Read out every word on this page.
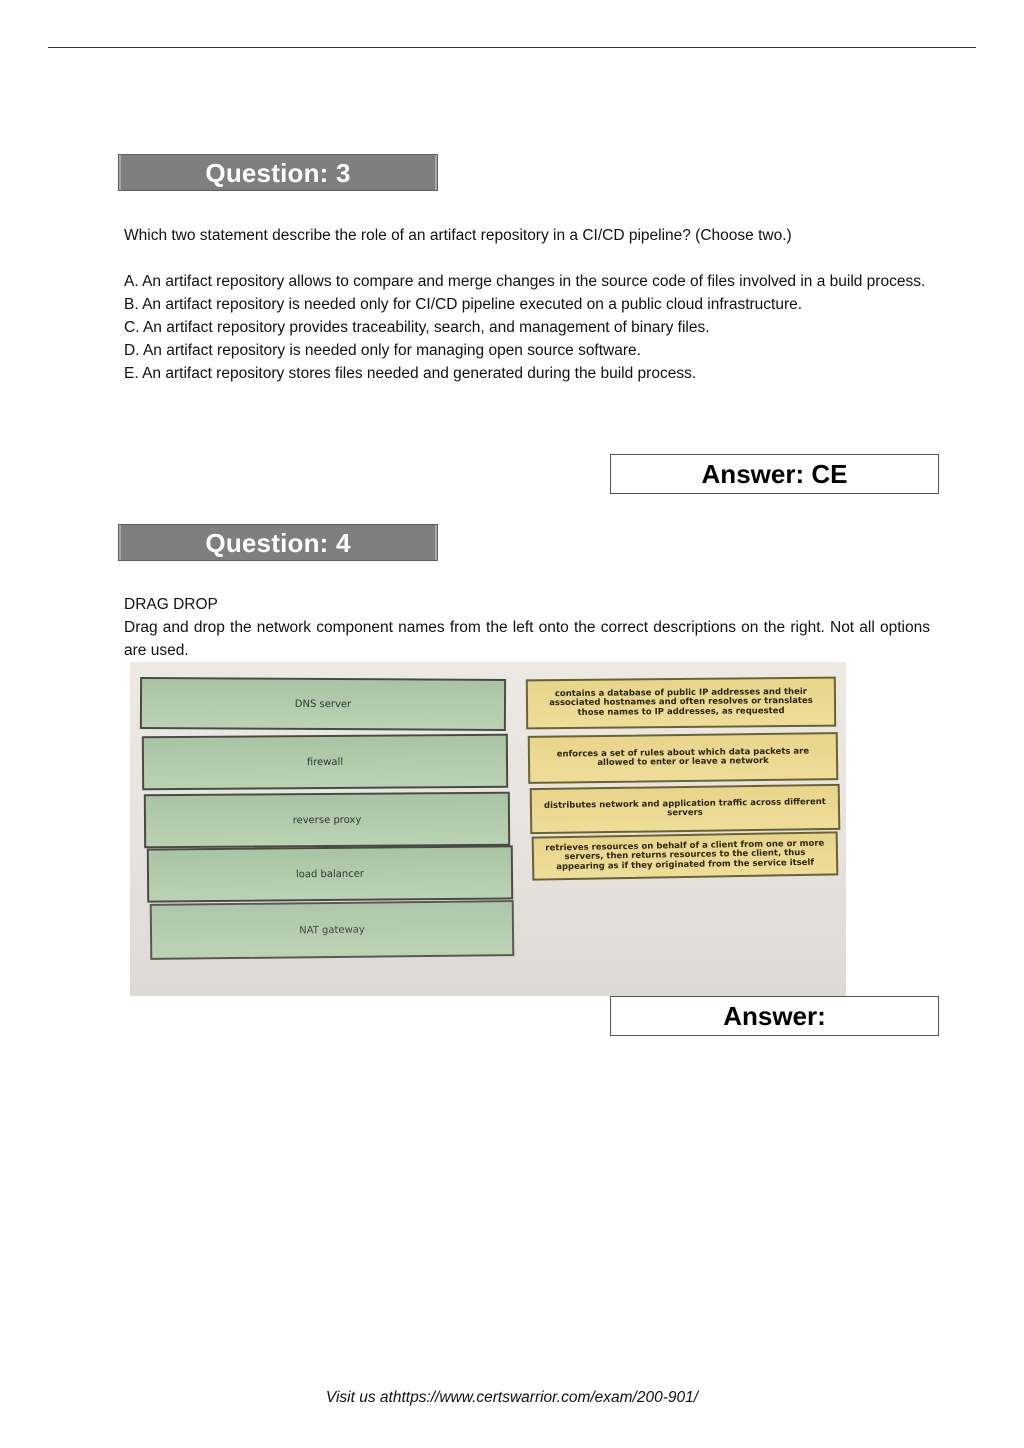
Question: 3
Which two statement describe the role of an artifact repository in a CI/CD pipeline? (Choose two.)

A. An artifact repository allows to compare and merge changes in the source code of files involved in a build process.

B. An artifact repository is needed only for CI/CD pipeline executed on a public cloud infrastructure.

C. An artifact repository provides traceability, search, and management of binary files.

D. An artifact repository is needed only for managing open source software.

E. An artifact repository stores files needed and generated during the build process.

Answer: CE
Question: 4

DRAG DROP

Drag and drop the network component names from the left onto the correct descriptions on the right. Not all options are used.

DNS server
firewall
reverse proxy
load balancer
NAT gateway
contains a database of public IP addresses and their associated hostnames and often resolves or translates those names to IP addresses, as requested
enforces a set of rules about which data packets are allowed to enter or leave a network
distributes network and application traffic across different servers
retrieves resources on behalf of a client from one or more servers, then returns resources to the client, thus appearing as if they originated from the service itself
Answer:
Visit us athttps://www.certswarrior.com/exam/200-901/
